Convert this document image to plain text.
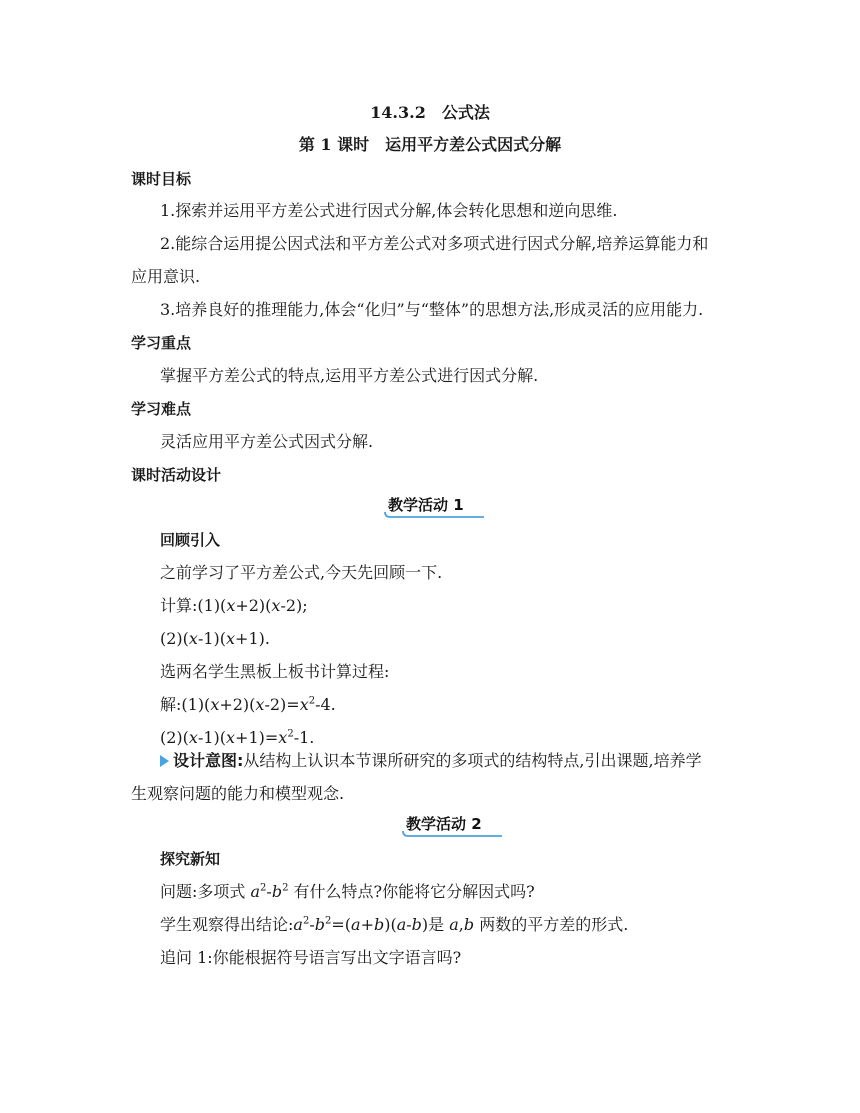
14.3.2　公式法
第 1 课时　运用平方差公式因式分解
课时目标
1.探索并运用平方差公式进行因式分解,体会转化思想和逆向思维.
2.能综合运用提公因式法和平方差公式对多项式进行因式分解,培养运算能力和
应用意识.
3.培养良好的推理能力,体会“化归”与“整体”的思想方法,形成灵活的应用能力.
学习重点
掌握平方差公式的特点,运用平方差公式进行因式分解.
学习难点
灵活应用平方差公式因式分解.
课时活动设计
教学活动 1
回顾引入
之前学习了平方差公式,今天先回顾一下.
计算:(1)(x+2)(x-2);
(2)(x-1)(x+1).
选两名学生黑板上板书计算过程:
解$:(1)(x+2)(x-2)=x^2-4$.
$(2)(x-1)(x+1)=x^2-1$.
设计意图:从结构上认识本节课所研究的多项式的结构特点,引出课题,培养学
生观察问题的能力和模型观念.
教学活动 2
探究新知
问题:多项式 $a^2-b^2$ 有什么特点?你能将它分解因式吗?
学生观察得出结论$:a^2-b^2=(a+b)(a-b)$是 a,b 两数的平方差的形式.
追问 1:你能根据符号语言写出文字语言吗?
